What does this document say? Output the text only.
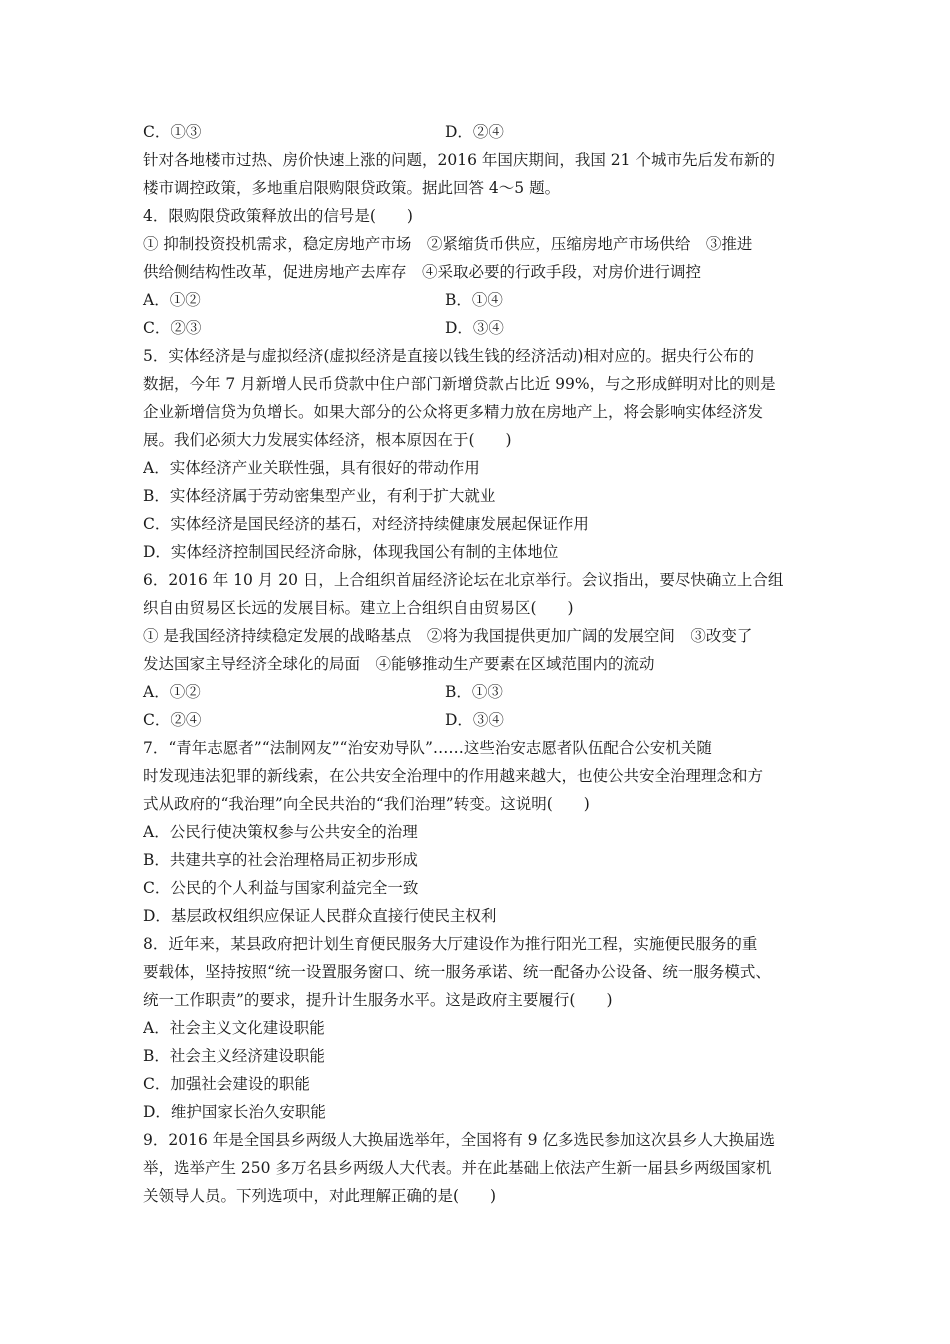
C．①③	D．②④
针对各地楼市过热、房价快速上涨的问题，2016 年国庆期间，我国 21 个城市先后发布新的
楼市调控政策，多地重启限购限贷政策。据此回答 4～5 题。
4．限购限贷政策释放出的信号是(　　)
① 抑制投资投机需求，稳定房地产市场　②紧缩货币供应，压缩房地产市场供给　③推进
供给侧结构性改革，促进房地产去库存　④采取必要的行政手段，对房价进行调控
A．①②	B．①④
C．②③	D．③④
5．实体经济是与虚拟经济(虚拟经济是直接以钱生钱的经济活动)相对应的。据央行公布的
数据，今年 7 月新增人民币贷款中住户部门新增贷款占比近 99%，与之形成鲜明对比的则是
企业新增信贷为负增长。如果大部分的公众将更多精力放在房地产上，将会影响实体经济发
展。我们必须大力发展实体经济，根本原因在于(　　)
A．实体经济产业关联性强，具有很好的带动作用
B．实体经济属于劳动密集型产业，有利于扩大就业
C．实体经济是国民经济的基石，对经济持续健康发展起保证作用
D．实体经济控制国民经济命脉，体现我国公有制的主体地位
6．2016 年 10 月 20 日，上合组织首届经济论坛在北京举行。会议指出，要尽快确立上合组
织自由贸易区长远的发展目标。建立上合组织自由贸易区(　　)
① 是我国经济持续稳定发展的战略基点　②将为我国提供更加广阔的发展空间　③改变了
发达国家主导经济全球化的局面　④能够推动生产要素在区域范围内的流动
A．①②	B．①③
C．②④	D．③④
7．“青年志愿者”“法制网友”“治安劝导队”……这些治安志愿者队伍配合公安机关随
时发现违法犯罪的新线索，在公共安全治理中的作用越来越大，也使公共安全治理理念和方
式从政府的“我治理”向全民共治的“我们治理”转变。这说明(　　)
A．公民行使决策权参与公共安全的治理
B．共建共享的社会治理格局正初步形成
C．公民的个人利益与国家利益完全一致
D．基层政权组织应保证人民群众直接行使民主权利
8．近年来，某县政府把计划生育便民服务大厅建设作为推行阳光工程，实施便民服务的重
要载体，坚持按照“统一设置服务窗口、统一服务承诺、统一配备办公设备、统一服务模式、
统一工作职责”的要求，提升计生服务水平。这是政府主要履行(　　)
A．社会主义文化建设职能
B．社会主义经济建设职能
C．加强社会建设的职能
D．维护国家长治久安职能
9．2016 年是全国县乡两级人大换届选举年，全国将有 9 亿多选民参加这次县乡人大换届选
举，选举产生 250 多万名县乡两级人大代表。并在此基础上依法产生新一届县乡两级国家机
关领导人员。下列选项中，对此理解正确的是(　　)
